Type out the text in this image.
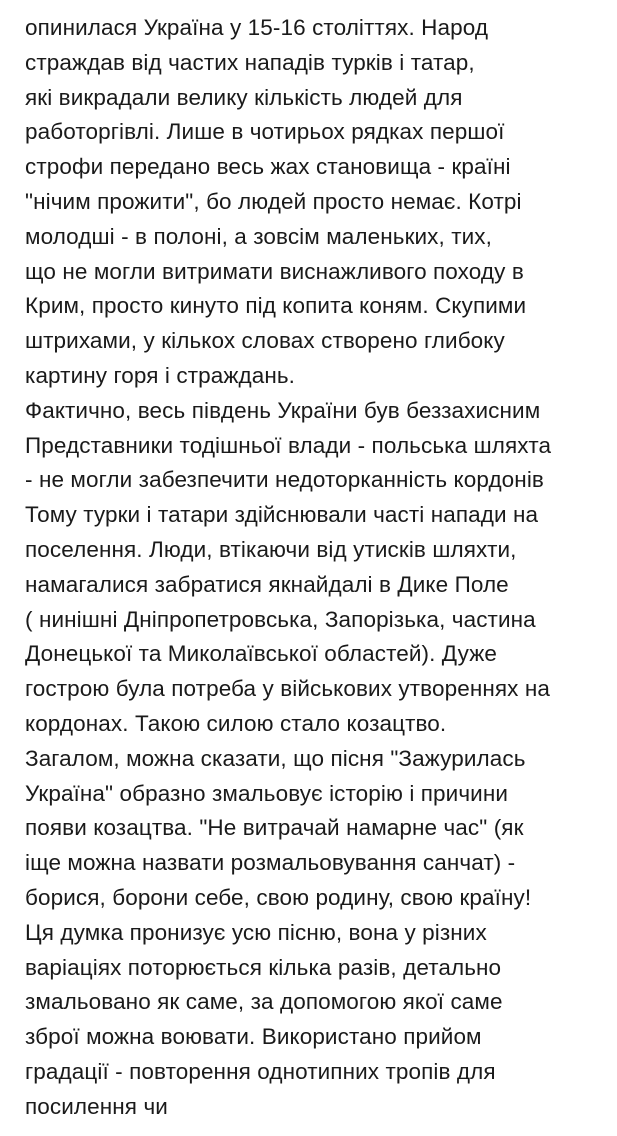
опинилася Україна у 15-16 століттях. Народ
страждав від частих нападів турків і татар,
які викрадали велику кількість людей для
работоргівлі. Лише в чотирьох рядках першої
строфи передано весь жах становища - країні
"нічим прожити", бо людей просто немає. Котрі
молодші - в полоні, а зовсім маленьких, тих,
що не могли витримати виснажливого походу в
Крим, просто кинуто під копита коням. Скупими
штрихами, у кількох словах створено глибоку
картину горя і страждань.
Фактично, весь південь України був беззахисним
Представники тодішньої влади - польська шляхта
- не могли забезпечити недоторканність кордонів
Тому турки і татари здійснювали часті напади на
поселення. Люди, втікаючи від утисків шляхти,
намагалися забратися якнайдалі в Дике Поле
( нинішні Дніпропетровська, Запорізька, частина
Донецької та Миколаївської областей). Дуже
гострою була потреба у військових утвореннях на
кордонах. Такою силою стало козацтво.
Загалом, можна сказати, що пісня "Зажурилась
Україна" образно змальовує історію і причини
появи козацтва. "Не витрачай намарне час" (як
іще можна назвати розмальовування санчат) -
борися, борони себе, свою родину, свою країну!
Ця думка пронизує усю пісню, вона у різних
варіаціях поторюється кілька разів, детально
змальовано як саме, за допомогою якої саме
зброї можна воювати. Використано прийом
градації - повторення однотипних тропів для
посилення чи
